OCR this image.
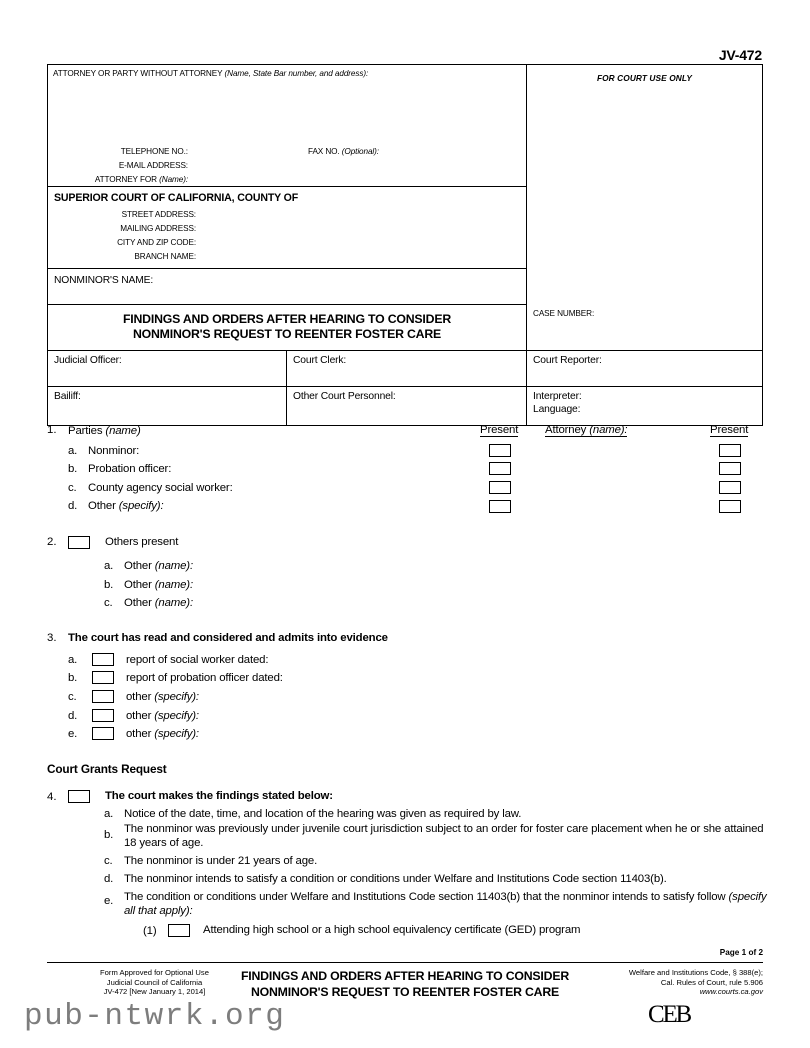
JV-472
ATTORNEY OR PARTY WITHOUT ATTORNEY (Name, State Bar number, and address):
TELEPHONE NO.:	FAX NO. (Optional):
E-MAIL ADDRESS:
ATTORNEY FOR (Name):
SUPERIOR COURT OF CALIFORNIA, COUNTY OF
STREET ADDRESS:
MAILING ADDRESS:
CITY AND ZIP CODE:
BRANCH NAME:
NONMINOR'S NAME:
FOR COURT USE ONLY
FINDINGS AND ORDERS AFTER HEARING TO CONSIDER
NONMINOR'S REQUEST TO REENTER FOSTER CARE
CASE NUMBER:
Judicial Officer:	Court Clerk:	Court Reporter:
Bailiff:	Other Court Personnel:	Interpreter:
Language:
1. Parties (name)	Present Attorney (name):	Present
a. Nonminor:
b. Probation officer:
c. County agency social worker:
d. Other (specify):
2.	Others present
a. Other (name):
b. Other (name):
c. Other (name):
3. The court has read and considered and admits into evidence
a.	report of social worker dated:
b.	report of probation officer dated:
c.	other (specify):
d.	other (specify):
e.	other (specify):
Court Grants Request
4.	The court makes the findings stated below:
a. Notice of the date, time, and location of the hearing was given as required by law.
b. The nonminor was previously under juvenile court jurisdiction subject to an order for foster care placement when he or she attained 18 years of age.
c. The nonminor is under 21 years of age.
d. The nonminor intends to satisfy a condition or conditions under Welfare and Institutions Code section 11403(b).
e. The condition or conditions under Welfare and Institutions Code section 11403(b) that the nonminor intends to satisfy follow (specify all that apply):
(1)	Attending high school or a high school equivalency certificate (GED) program
Page 1 of 2
Form Approved for Optional Use
Judicial Council of California
JV-472 [New January 1, 2014]
FINDINGS AND ORDERS AFTER HEARING TO CONSIDER
NONMINOR'S REQUEST TO REENTER FOSTER CARE
Welfare and Institutions Code, § 388(e);
Cal. Rules of Court, rule 5.906
www.courts.ca.gov
CEB
pub-ntwrk.org
